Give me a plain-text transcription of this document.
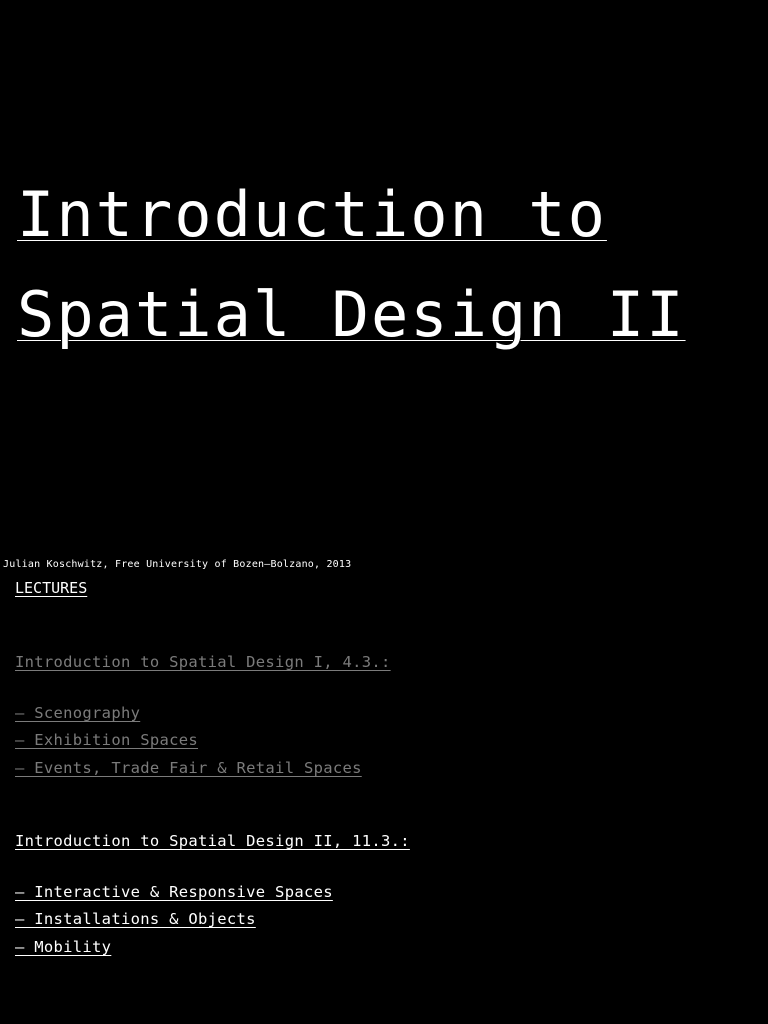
Introduction to
Spatial Design II
Julian Koschwitz, Free University of Bozen–Bolzano, 2013
LECTURES
Introduction to Spatial Design I, 4.3.:
– Scenography
– Exhibition Spaces
– Events, Trade Fair & Retail Spaces
Introduction to Spatial Design II, 11.3.:
– Interactive & Responsive Spaces
– Installations & Objects
– Mobility
